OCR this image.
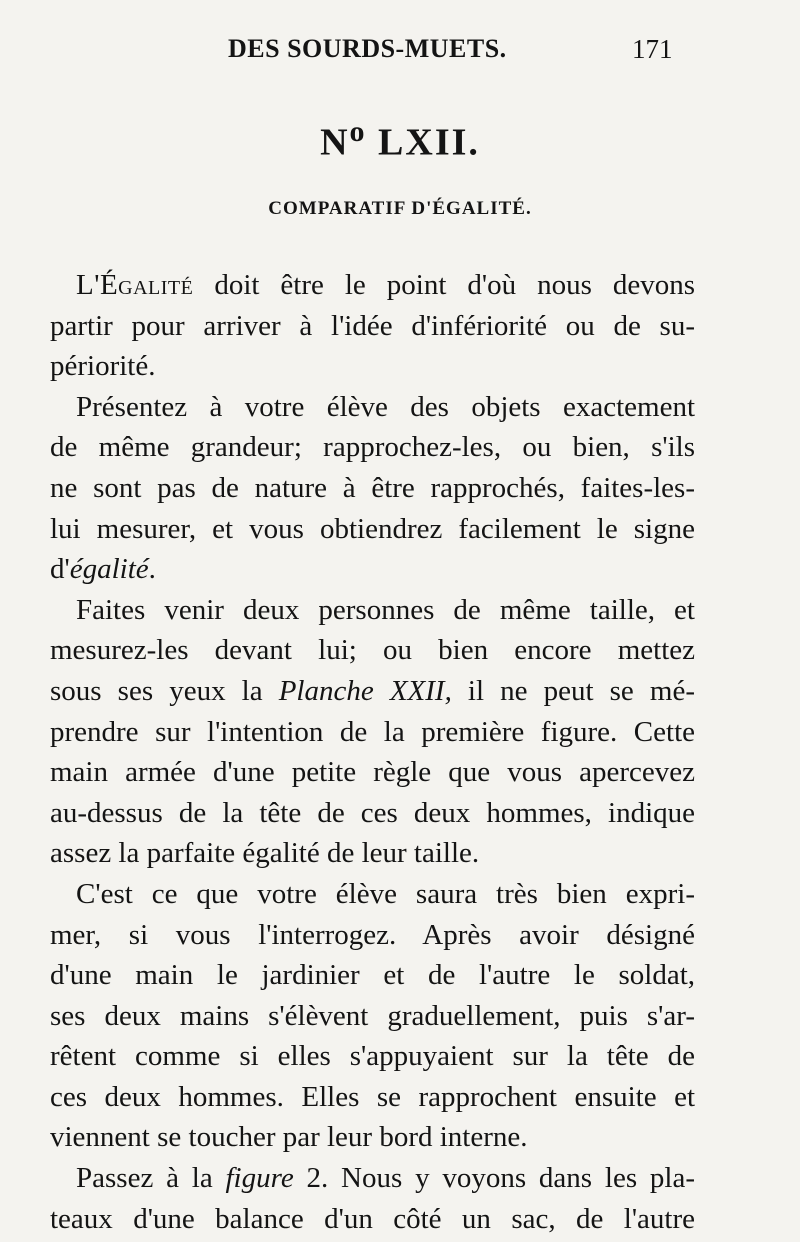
DES SOURDS-MUETS.	171
$N^o$ LXII.
COMPARATIF D'ÉGALITÉ.
L'Égalité doit être le point d'où nous devons
partir pour arriver à l'idée d'infériorité ou de su-
périorité.
Présentez à votre élève des objets exactement
de même grandeur; rapprochez-les, ou bien, s'ils
ne sont pas de nature à être rapprochés, faites-les-
lui mesurer, et vous obtiendrez facilement le signe
d'égalité.
Faites venir deux personnes de même taille, et
mesurez-les devant lui; ou bien encore mettez
sous ses yeux la Planche XXII, il ne peut se mé-
prendre sur l'intention de la première figure. Cette
main armée d'une petite règle que vous apercevez
au-dessus de la tête de ces deux hommes, indique
assez la parfaite égalité de leur taille.
C'est ce que votre élève saura très bien expri-
mer, si vous l'interrogez. Après avoir désigné
d'une main le jardinier et de l'autre le soldat,
ses deux mains s'élèvent graduellement, puis s'ar-
rêtent comme si elles s'appuyaient sur la tête de
ces deux hommes. Elles se rapprochent ensuite et
viennent se toucher par leur bord interne.
Passez à la figure 2. Nous y voyons dans les pla-
teaux d'une balance d'un côté un sac, de l'autre
